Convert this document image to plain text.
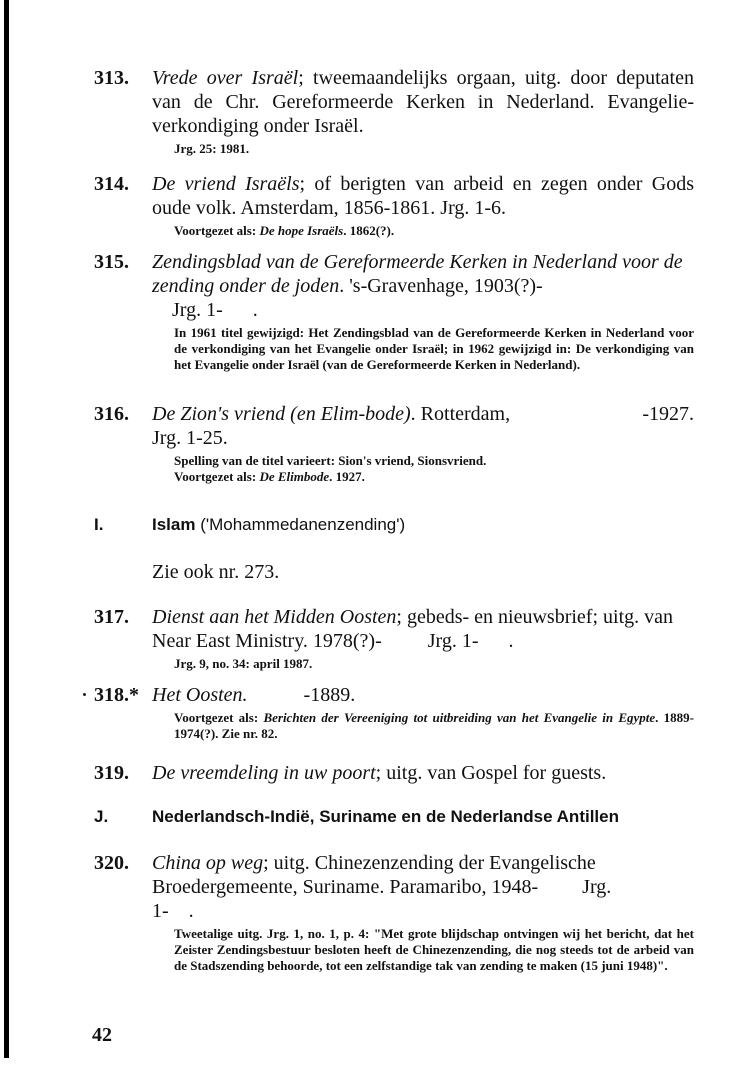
313. Vrede over Israël; tweemaandelijks orgaan, uitg. door deputaten van de Chr. Gereformeerde Kerken in Nederland. Evangelie-verkondiging onder Israël.
Jrg. 25: 1981.
314. De vriend Israëls; of berigten van arbeid en zegen onder Gods oude volk. Amsterdam, 1856-1861. Jrg. 1-6.
Voortgezet als: De hope Israëls. 1862(?).
315. Zendingsblad van de Gereformeerde Kerken in Nederland voor de zending onder de joden. 's-Gravenhage, 1903(?)-
Jrg. 1- .
In 1961 titel gewijzigd: Het Zendingsblad van de Gereformeerde Kerken in Nederland voor de verkondiging van het Evangelie onder Israël; in 1962 gewijzigd in: De verkondiging van het Evangelie onder Israël (van de Gereformeerde Kerken in Nederland).
316. De Zion's vriend (en Elim-bode). Rotterdam,	-1927.

Jrg. 1-25.
Spelling van de titel varieert: Sion's vriend, Sionsvriend.
Voortgezet als: De Elimbode. 1927.
I.	Islam ('Mohammedanenzending')
Zie ook nr. 273.
317. Dienst aan het Midden Oosten; gebeds- en nieuwsbrief; uitg. van Near East Ministry. 1978(?)- Jrg. 1- .
Jrg. 9, no. 34: april 1987.
318.* Het Oosten.	-1889.
Voortgezet als: Berichten der Vereeniging tot uitbreiding van het Evangelie in Egypte. 1889-1974(?). Zie nr. 82.
319. De vreemdeling in uw poort; uitg. van Gospel for guests.
J.	Nederlandsch-Indië, Suriname en de Nederlandse Antillen
320. China op weg; uitg. Chinezenzending der Evangelische Broedergemeente, Suriname. Paramaribo, 1948- Jrg.
1- .
Tweetalige uitg. Jrg. 1, no. 1, p. 4: "Met grote blijdschap ontvingen wij het bericht, dat het Zeister Zendingsbestuur besloten heeft de Chinezenzending, die nog steeds tot de arbeid van de Stadszending behoorde, tot een zelfstandige tak van zending te maken (15 juni 1948)".
42
